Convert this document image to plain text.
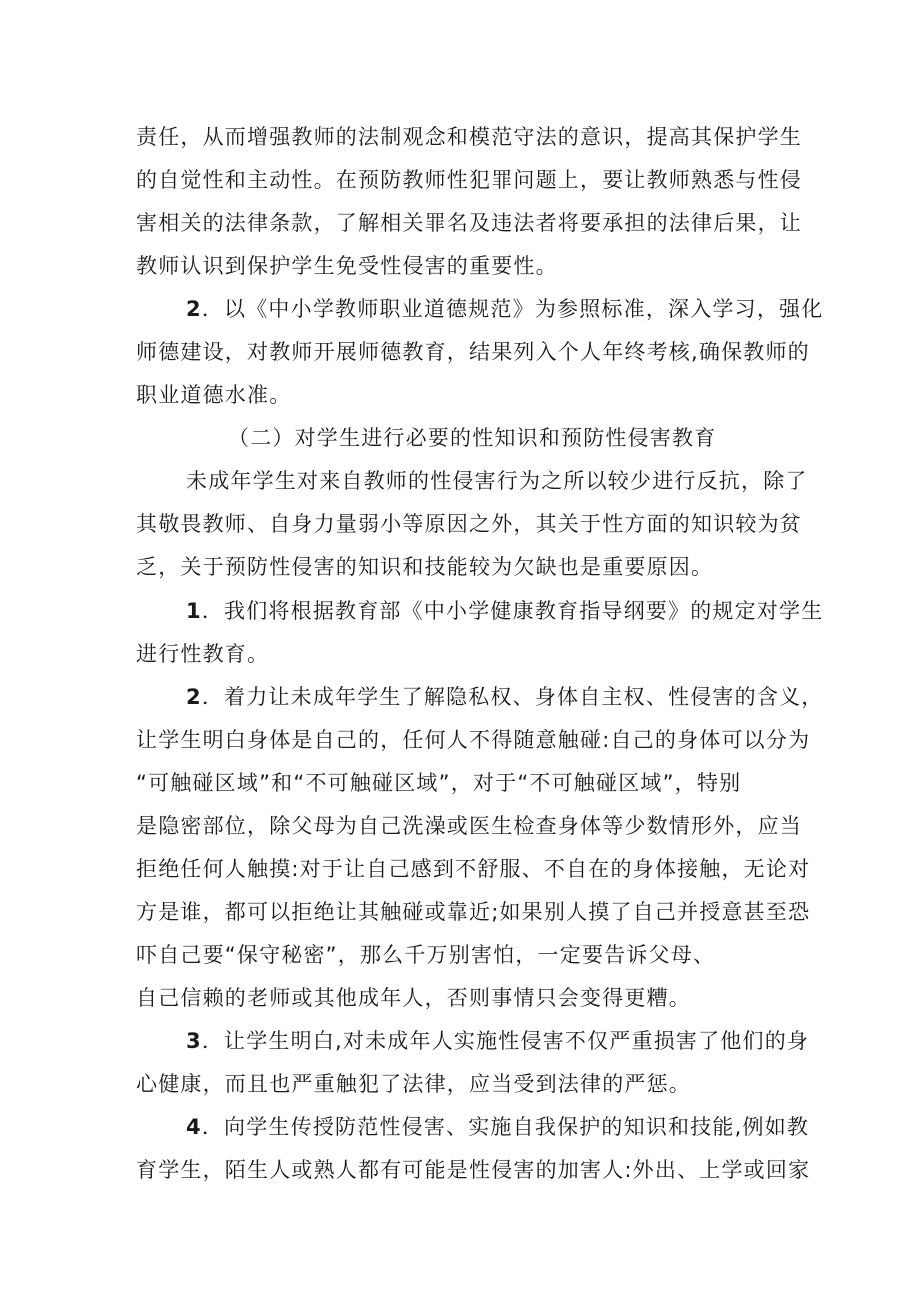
责任，从而增强教师的法制观念和模范守法的意识，提高其保护学生
的自觉性和主动性。在预防教师性犯罪问题上，要让教师熟悉与性侵
害相关的法律条款，了解相关罪名及违法者将要承担的法律后果，让
教师认识到保护学生免受性侵害的重要性。
2．以《中小学教师职业道德规范》为参照标准，深入学习，强化
师德建设，对教师开展师德教育，结果列入个人年终考核,确保教师的
职业道德水准。
（二）对学生进行必要的性知识和预防性侵害教育
未成年学生对来自教师的性侵害行为之所以较少进行反抗，除了
其敬畏教师、自身力量弱小等原因之外，其关于性方面的知识较为贫
乏，关于预防性侵害的知识和技能较为欠缺也是重要原因。
1．我们将根据教育部《中小学健康教育指导纲要》的规定对学生
进行性教育。
2．着力让未成年学生了解隐私权、身体自主权、性侵害的含义，
让学生明白身体是自己的，任何人不得随意触碰:自己的身体可以分为
“可触碰区域”和“不可触碰区域”，对于“不可触碰区域”，特别
是隐密部位，除父母为自己洗澡或医生检查身体等少数情形外，应当
拒绝任何人触摸:对于让自己感到不舒服、不自在的身体接触，无论对
方是谁，都可以拒绝让其触碰或靠近;如果别人摸了自己并授意甚至恐
吓自己要“保守秘密”，那么千万别害怕，一定要告诉父母、
自己信赖的老师或其他成年人，否则事情只会变得更糟。
3．让学生明白,对未成年人实施性侵害不仅严重损害了他们的身
心健康，而且也严重触犯了法律，应当受到法律的严惩。
4．向学生传授防范性侵害、实施自我保护的知识和技能,例如教
育学生，陌生人或熟人都有可能是性侵害的加害人:外出、上学或回家
